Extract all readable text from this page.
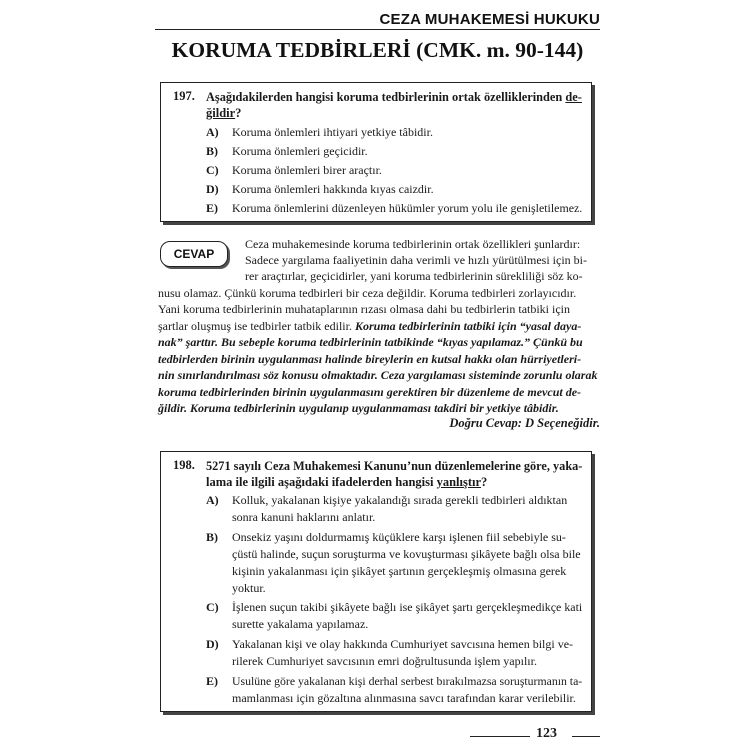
CEZA MUHAKEMESİ HUKUKU
KORUMA TEDBİRLERİ (CMK. m. 90-144)
197. Aşağıdakilerden hangisi koruma tedbirlerinin ortak özelliklerinden de-
ğildir?
A) Koruma önlemleri ihtiyari yetkiye tâbidir.
B) Koruma önlemleri geçicidir.
C) Koruma önlemleri birer araçtır.
D) Koruma önlemleri hakkında kıyas caizdir.
E) Koruma önlemlerini düzenleyen hükümler yorum yolu ile genişletilemez.
CEVAP
Ceza muhakemesinde koruma tedbirlerinin ortak özellikleri şunlardır:
Sadece yargılama faaliyetinin daha verimli ve hızlı yürütülmesi için bi-
rer araçtırlar, geçicidirler, yani koruma tedbirlerinin sürekliliği söz ko-
nusu olamaz. Çünkü koruma tedbirleri bir ceza değildir. Koruma tedbirleri zorlayıcıdır.
Yani koruma tedbirlerinin muhataplarının rızası olmasa dahi bu tedbirlerin tatbiki için
şartlar oluşmuş ise tedbirler tatbik edilir. Koruma tedbirlerinin tatbiki için “yasal daya-
nak” şarttır. Bu sebeple koruma tedbirlerinin tatbikinde “kıyas yapılamaz.” Çünkü bu
tedbirlerden birinin uygulanması halinde bireylerin en kutsal hakkı olan hürriyetleri-
nin sınırlandırılması söz konusu olmaktadır. Ceza yargılaması sisteminde zorunlu olarak
koruma tedbirlerinden birinin uygulanmasını gerektiren bir düzenleme de mevcut de-
ğildir. Koruma tedbirlerinin uygulanıp uygulanmaması takdiri bir yetkiye tâbidir.
Doğru Cevap: D Seçeneğidir.
198. 5271 sayılı Ceza Muhakemesi Kanunu’nun düzenlemelerine göre, yaka-
lama ile ilgili aşağıdaki ifadelerden hangisi yanlıştır?
A) Kolluk, yakalanan kişiye yakalandığı sırada gerekli tedbirleri aldıktan
sonra kanuni haklarını anlatır.
B) Onsekiz yaşını doldurmamış küçüklere karşı işlenen fiil sebebiyle su-
çüstü halinde, suçun soruşturma ve kovuşturması şikâyete bağlı olsa bile
kişinin yakalanması için şikâyet şartının gerçekleşmiş olmasına gerek
yoktur.
C) İşlenen suçun takibi şikâyete bağlı ise şikâyet şartı gerçekleşmedikçe kati
surette yakalama yapılamaz.
D) Yakalanan kişi ve olay hakkında Cumhuriyet savcısına hemen bilgi ve-
rilerek Cumhuriyet savcısının emri doğrultusunda işlem yapılır.
E) Usulüne göre yakalanan kişi derhal serbest bırakılmazsa soruşturmanın ta-
mamlanması için gözaltına alınmasına savcı tarafından karar verilebilir.
123
